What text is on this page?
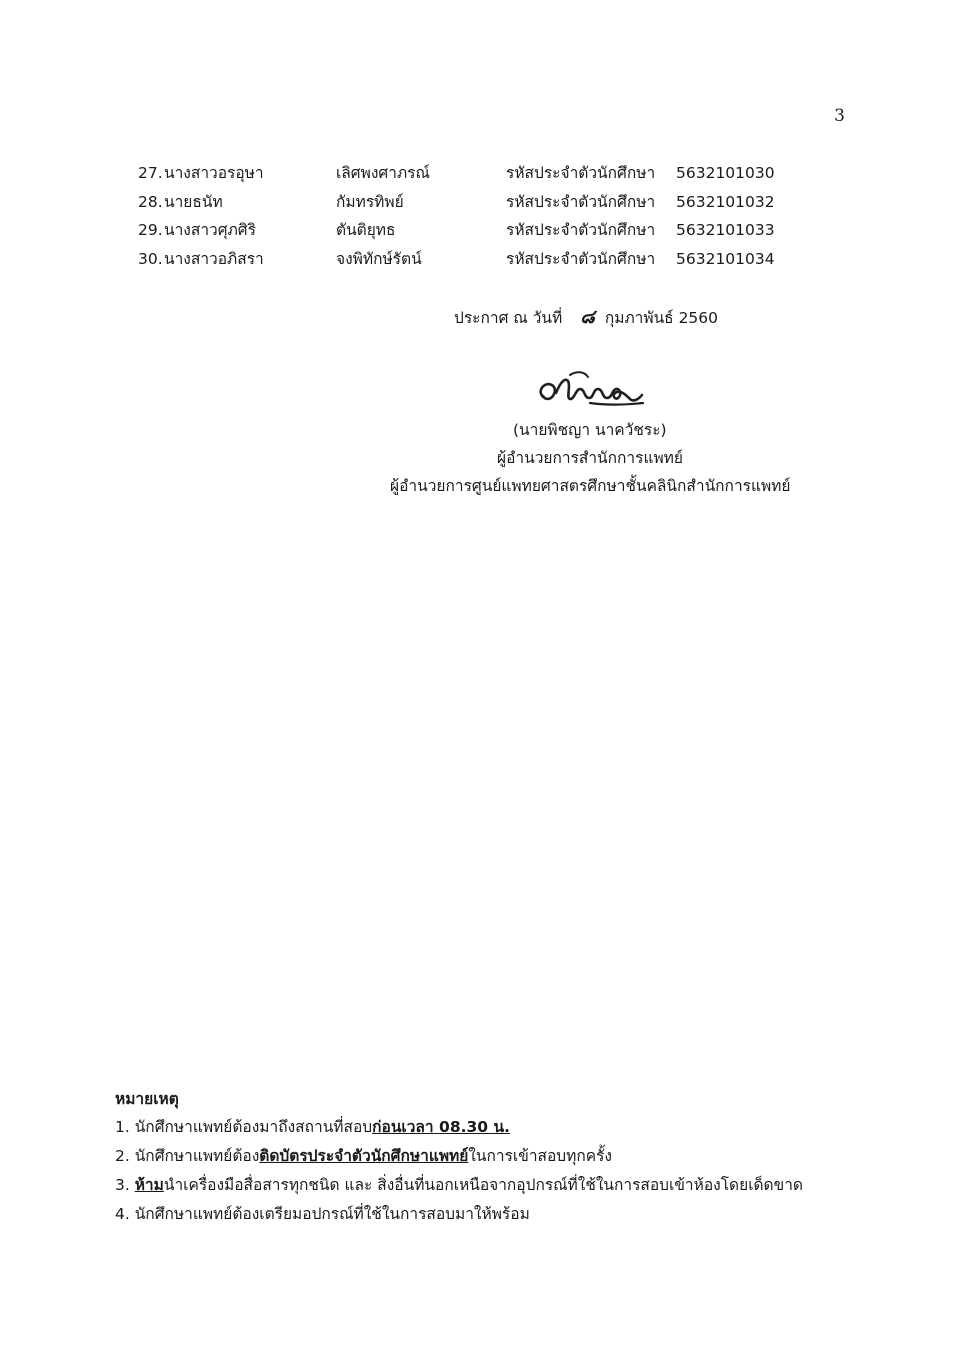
3
27. นางสาวอรอุษา	เลิศพงศาภรณ์	รหัสประจำตัวนักศึกษา 5632101030
28. นายธนัท	กัมทรทิพย์	รหัสประจำตัวนักศึกษา 5632101032
29. นางสาวศุภศิริ	ตันติยุทธ	รหัสประจำตัวนักศึกษา 5632101033
30. นางสาวอภิสรา	จงพิทักษ์รัตน์	รหัสประจำตัวนักศึกษา 5632101034
ประกาศ ณ วันที่ ๘ กุมภาพันธ์ 2560
(นายพิชญา นาควัชระ)
ผู้อำนวยการสำนักการแพทย์
ผู้อำนวยการศูนย์แพทยศาสตรศึกษาชั้นคลินิกสำนักการแพทย์
หมายเหตุ
1. นักศึกษาแพทย์ต้องมาถึงสถานที่สอบก่อนเวลา 08.30 น.
2. นักศึกษาแพทย์ต้องติดบัตรประจำตัวนักศึกษาแพทย์ในการเข้าสอบทุกครั้ง
3. ห้ามนำเครื่องมือสื่อสารทุกชนิด และ สิ่งอื่นที่นอกเหนือจากอุปกรณ์ที่ใช้ในการสอบเข้าห้องโดยเด็ดขาด
4. นักศึกษาแพทย์ต้องเตรียมอปกรณ์ที่ใช้ในการสอบมาให้พร้อม
